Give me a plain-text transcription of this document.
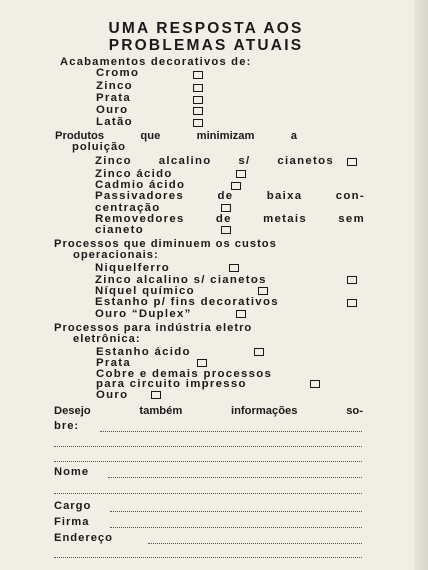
UMA RESPOSTA AOS
PROBLEMAS ATUAIS
Acabamentos decorativos de:
Cromo
Zinco
Prata
Ouro
Latão
Produtos	que	minimizam	a
poluição
Zinco alcalino s/ cianetos
Zinco ácido
Cadmio ácido
Passivadores	de	baixa	con-
centração
Removedores	de	metais	sem
cianeto
Processos que diminuem os custos
operacionais:
Niquelferro
Zinco alcalino s/ cianetos
Níquel químico
Estanho p/ fins decorativos
Ouro “Duplex”
Processos para indústria eletro
eletrônica:
Estanho ácido
Prata
Cobre e demais processos
para circuito impresso
Ouro
Desejo	também	informações	so-
bre:
Nome
Cargo
Firma
Endereço
